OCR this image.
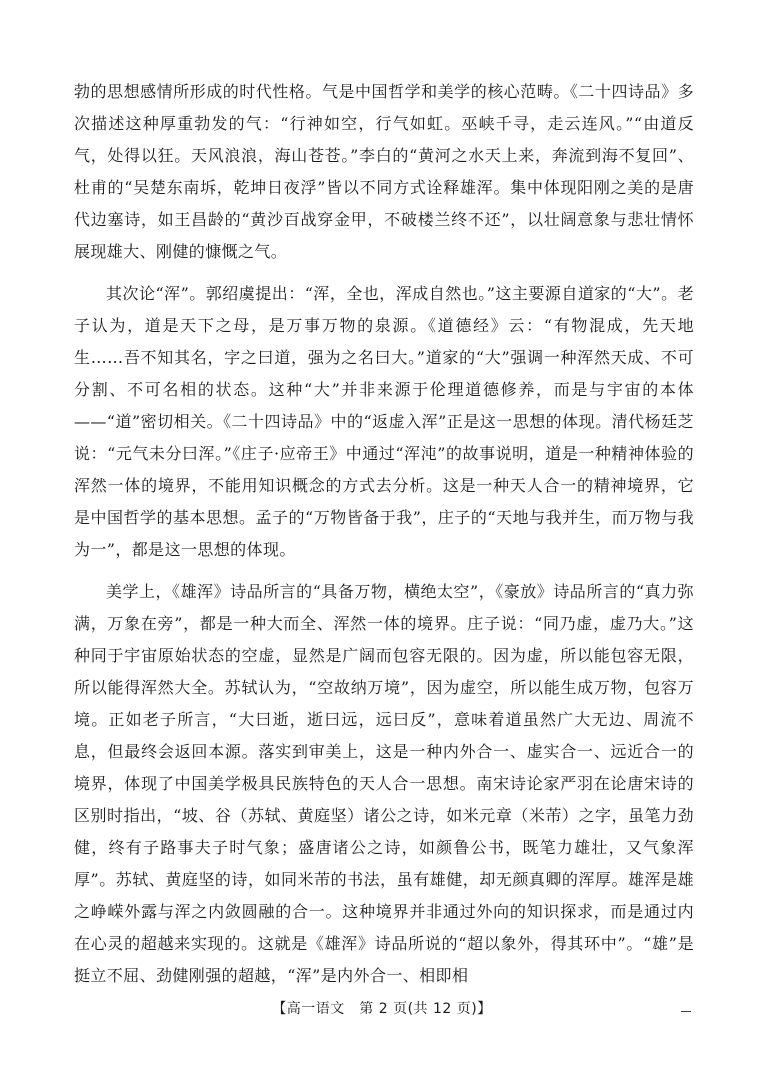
勃的思想感情所形成的时代性格。气是中国哲学和美学的核心范畴。《二十四诗品》多次描述这种厚重勃发的气：“行神如空，行气如虹。巫峡千寻，走云连风。”“由道反气，处得以狂。天风浪浪，海山苍苍。”李白的“黄河之水天上来，奔流到海不复回”、杜甫的“吴楚东南坼，乾坤日夜浮”皆以不同方式诠释雄浑。集中体现阳刚之美的是唐代边塞诗，如王昌龄的“黄沙百战穿金甲，不破楼兰终不还”，以壮阔意象与悲壮情怀展现雄大、刚健的慷慨之气。

其次论“浑”。郭绍虞提出：“浑，全也，浑成自然也。”这主要源自道家的“大”。老子认为，道是天下之母，是万事万物的泉源。《道德经》云：“有物混成，先天地生……吾不知其名，字之曰道，强为之名曰大。”道家的“大”强调一种浑然天成、不可分割、不可名相的状态。这种“大”并非来源于伦理道德修养，而是与宇宙的本体——“道”密切相关。《二十四诗品》中的“返虚入浑”正是这一思想的体现。清代杨廷芝说：“元气未分曰浑。”《庄子·应帝王》中通过“浑沌”的故事说明，道是一种精神体验的浑然一体的境界，不能用知识概念的方式去分析。这是一种天人合一的精神境界，它是中国哲学的基本思想。孟子的“万物皆备于我”，庄子的“天地与我并生，而万物与我为一”，都是这一思想的体现。

美学上，《雄浑》诗品所言的“具备万物，横绝太空”，《豪放》诗品所言的“真力弥满，万象在旁”，都是一种大而全、浑然一体的境界。庄子说：“同乃虚，虚乃大。”这种同于宇宙原始状态的空虚，显然是广阔而包容无限的。因为虚，所以能包容无限，所以能得浑然大全。苏轼认为，“空故纳万境”，因为虚空，所以能生成万物，包容万境。正如老子所言，“大曰逝，逝曰远，远曰反”，意味着道虽然广大无边、周流不息，但最终会返回本源。落实到审美上，这是一种内外合一、虚实合一、远近合一的境界，体现了中国美学极具民族特色的天人合一思想。南宋诗论家严羽在论唐宋诗的区别时指出，“坡、谷（苏轼、黄庭坚）诸公之诗，如米元章（米芾）之字，虽笔力劲健，终有子路事夫子时气象；盛唐诸公之诗，如颜鲁公书，既笔力雄壮，又气象浑厚”。苏轼、黄庭坚的诗，如同米芾的书法，虽有雄健，却无颜真卿的浑厚。雄浑是雄之峥嵘外露与浑之内敛圆融的合一。这种境界并非通过外向的知识探求，而是通过内在心灵的超越来实现的。这就是《雄浑》诗品所说的“超以象外，得其环中”。“雄”是挺立不屈、劲健刚强的超越，“浑”是内外合一、相即相

【高一语文　第 2 页(共 12 页)】
